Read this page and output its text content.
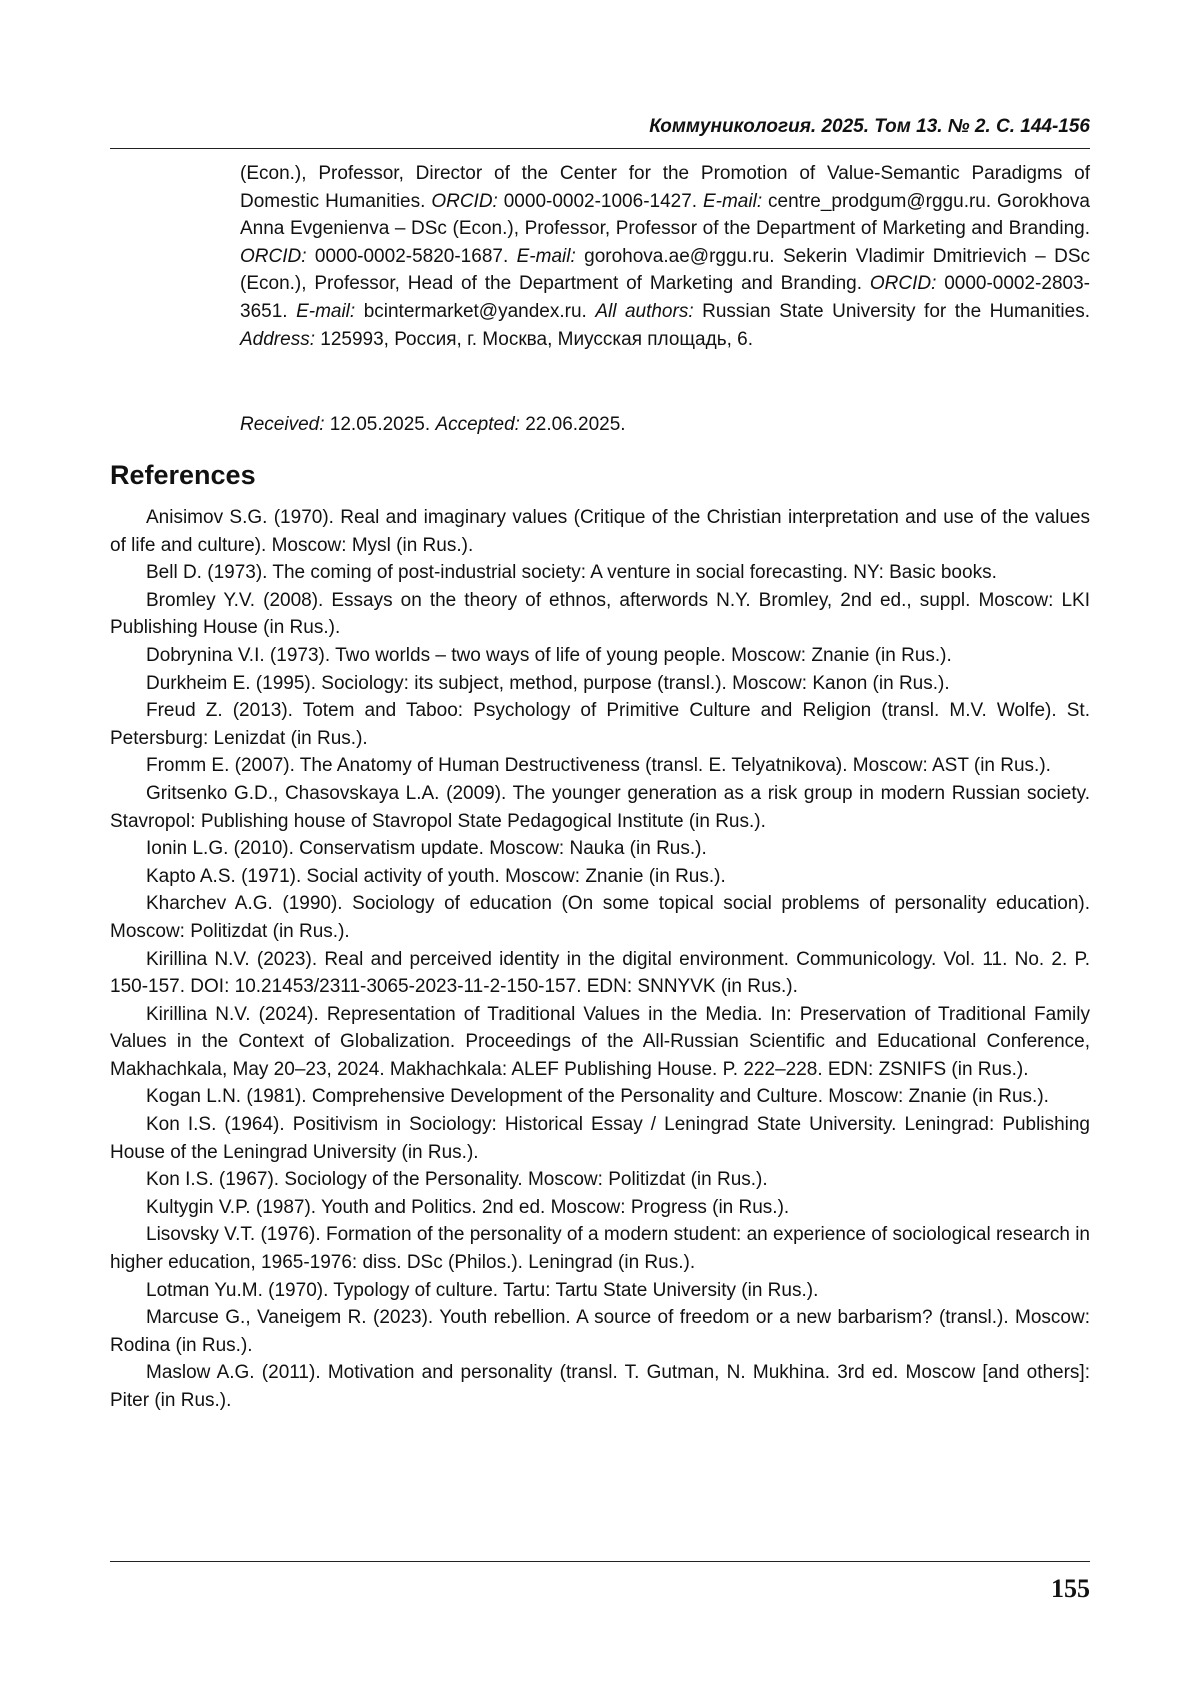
Коммуникология. 2025. Том 13. № 2. С. 144-156
(Econ.), Professor, Director of the Center for the Promotion of Value-Semantic Paradigms of Domestic Humanities. ORCID: 0000-0002-1006-1427. E-mail: centre_prodgum@rggu.ru. Gorokhova Anna Evgenienva – DSc (Econ.), Professor, Professor of the Department of Marketing and Branding. ORCID: 0000-0002-5820-1687. E-mail: gorohova.ae@rggu.ru. Sekerin Vladimir Dmitrievich – DSc (Econ.), Professor, Head of the Department of Marketing and Branding. ORCID: 0000-0002-2803-3651. E-mail: bcintermarket@yandex.ru. All authors: Russian State University for the Humanities. Address: 125993, Россия, г. Москва, Миусская площадь, 6.
Received: 12.05.2025. Accepted: 22.06.2025.
References
Anisimov S.G. (1970). Real and imaginary values (Critique of the Christian interpretation and use of the values of life and culture). Moscow: Mysl (in Rus.).
Bell D. (1973). The coming of post-industrial society: A venture in social forecasting. NY: Basic books.
Bromley Y.V. (2008). Essays on the theory of ethnos, afterwords N.Y. Bromley, 2nd ed., suppl. Moscow: LKI Publishing House (in Rus.).
Dobrynina V.I. (1973). Two worlds – two ways of life of young people. Moscow: Znanie (in Rus.).
Durkheim E. (1995). Sociology: its subject, method, purpose (transl.). Moscow: Kanon (in Rus.).
Freud Z. (2013). Totem and Taboo: Psychology of Primitive Culture and Religion (transl. M.V. Wolfe). St. Petersburg: Lenizdat (in Rus.).
Fromm E. (2007). The Anatomy of Human Destructiveness (transl. E. Telyatnikova). Moscow: AST (in Rus.).
Gritsenko G.D., Chasovskaya L.A. (2009). The younger generation as a risk group in modern Russian society. Stavropol: Publishing house of Stavropol State Pedagogical Institute (in Rus.).
Ionin L.G. (2010). Conservatism update. Moscow: Nauka (in Rus.).
Kapto A.S. (1971). Social activity of youth. Moscow: Znanie (in Rus.).
Kharchev A.G. (1990). Sociology of education (On some topical social problems of personality education). Moscow: Politizdat (in Rus.).
Kirillina N.V. (2023). Real and perceived identity in the digital environment. Communicology. Vol. 11. No. 2. P. 150-157. DOI: 10.21453/2311-3065-2023-11-2-150-157. EDN: SNNYVK (in Rus.).
Kirillina N.V. (2024). Representation of Traditional Values in the Media. In: Preservation of Traditional Family Values in the Context of Globalization. Proceedings of the All-Russian Scientific and Educational Conference, Makhachkala, May 20–23, 2024. Makhachkala: ALEF Publishing House. P. 222–228. EDN: ZSNIFS (in Rus.).
Kogan L.N. (1981). Comprehensive Development of the Personality and Culture. Moscow: Znanie (in Rus.).
Kon I.S. (1964). Positivism in Sociology: Historical Essay / Leningrad State University. Leningrad: Publishing House of the Leningrad University (in Rus.).
Kon I.S. (1967). Sociology of the Personality. Moscow: Politizdat (in Rus.).
Kultygin V.P. (1987). Youth and Politics. 2nd ed. Moscow: Progress (in Rus.).
Lisovsky V.T. (1976). Formation of the personality of a modern student: an experience of sociological research in higher education, 1965-1976: diss. DSc (Philos.). Leningrad (in Rus.).
Lotman Yu.M. (1970). Typology of culture. Tartu: Tartu State University (in Rus.).
Marcuse G., Vaneigem R. (2023). Youth rebellion. A source of freedom or a new barbarism? (transl.). Moscow: Rodina (in Rus.).
Maslow A.G. (2011). Motivation and personality (transl. T. Gutman, N. Mukhina. 3rd ed. Moscow [and others]: Piter (in Rus.).
155
